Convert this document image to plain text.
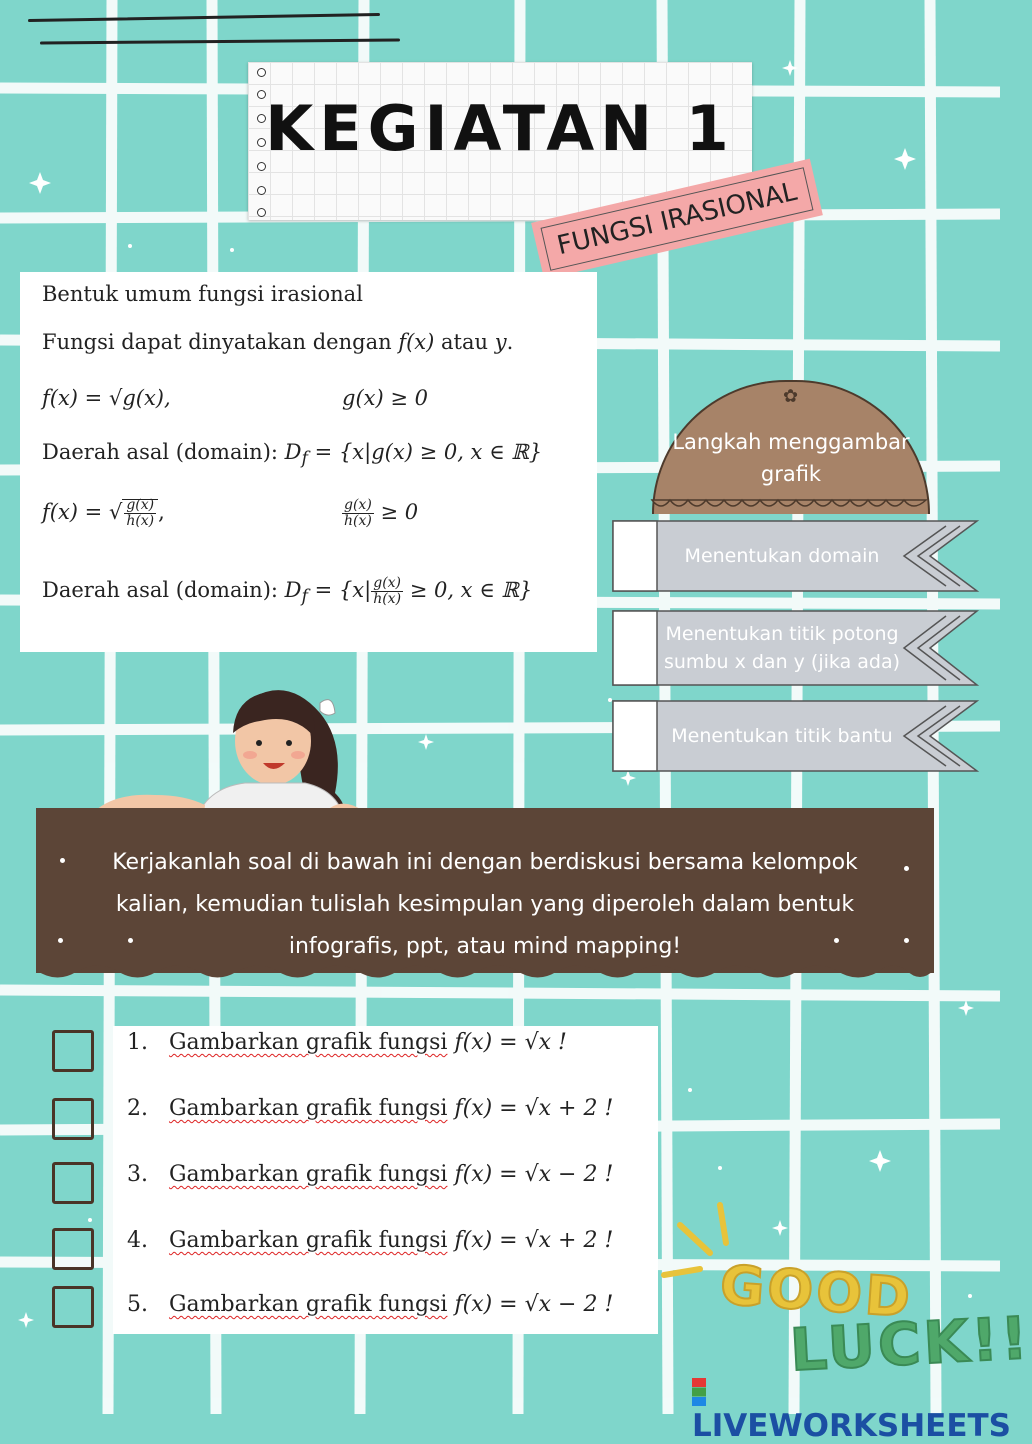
KEGIATAN 1
FUNGSI IRASIONAL
Bentuk umum fungsi irasional
Fungsi dapat dinyatakan dengan f(x) atau y.
f(x) = √g(x),	g(x) ≥ 0
Daerah asal (domain): $D_f = \{x|g(x) \ge 0$, x ∈ ℝ}
f(x) = √ $\frac{g(x)}{h(x)}$,	$\frac{g(x)}{h(x)} \ge 0$
Daerah asal (domain): $D_f = \{x| \frac{g(x)}{h(x)} \ge 0$, x ∈ ℝ}
✿
Langkah menggambar grafik
Menentukan domain
Menentukan titik potong sumbu x dan y (jika ada)
Menentukan titik bantu
Kerjakanlah soal di bawah ini dengan berdiskusi bersama kelompok kalian, kemudian tulislah kesimpulan yang diperoleh dalam bentuk infografis, ppt, atau mind mapping!
1. Gambarkan grafik fungsi f(x) = √x !
2. Gambarkan grafik fungsi f(x) = √x + 2 !
3. Gambarkan grafik fungsi f(x) = √x − 2 !
4. Gambarkan grafik fungsi f(x) = √x + 2 !
5. Gambarkan grafik fungsi f(x) = √x − 2 ! GOOD
LUCK!!
LIVEWORKSHEETS
